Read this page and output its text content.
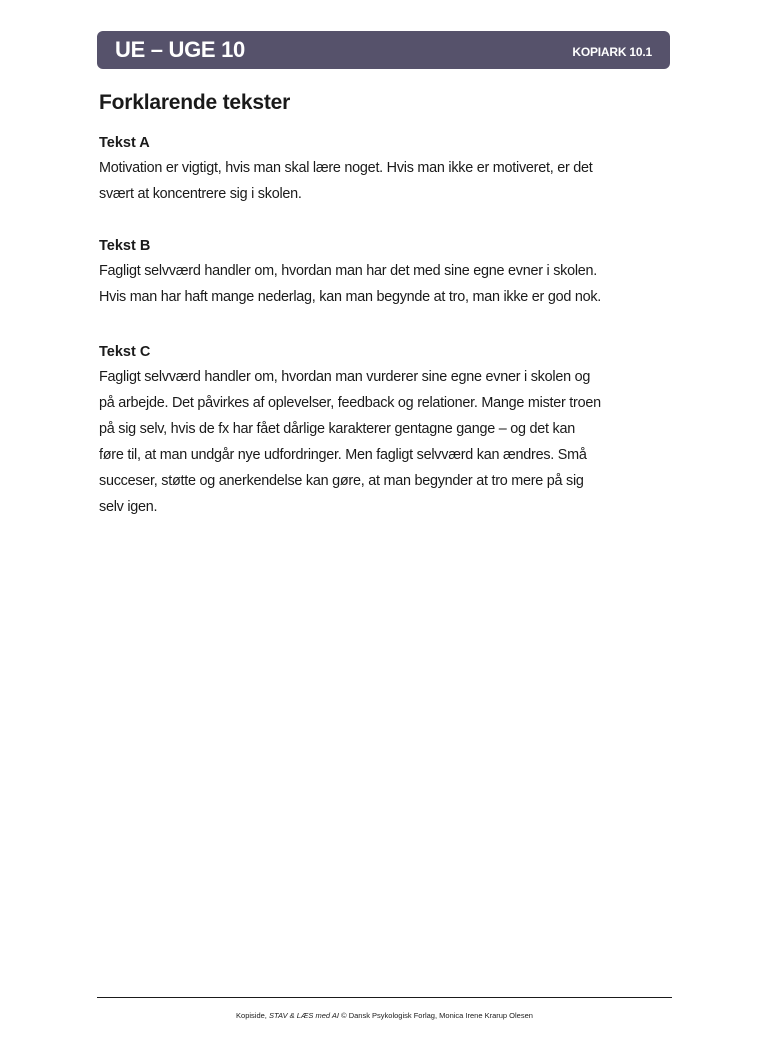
UE – UGE 10	KOPIARK 10.1
Forklarende tekster
Tekst A

Motivation er vigtigt, hvis man skal lære noget. Hvis man ikke er motiveret, er det
svært at koncentrere sig i skolen.

Tekst B

Fagligt selvværd handler om, hvordan man har det med sine egne evner i skolen.
Hvis man har haft mange nederlag, kan man begynde at tro, man ikke er god nok.

Tekst C

Fagligt selvværd handler om, hvordan man vurderer sine egne evner i skolen og
på arbejde. Det påvirkes af oplevelser, feedback og relationer. Mange mister troen
på sig selv, hvis de fx har fået dårlige karakterer gentagne gange – og det kan
føre til, at man undgår nye udfordringer. Men fagligt selvværd kan ændres. Små
succeser, støtte og anerkendelse kan gøre, at man begynder at tro mere på sig
selv igen.

Kopiside, STAV & LÆS med AI © Dansk Psykologisk Forlag, Monica Irene Krarup Olesen
